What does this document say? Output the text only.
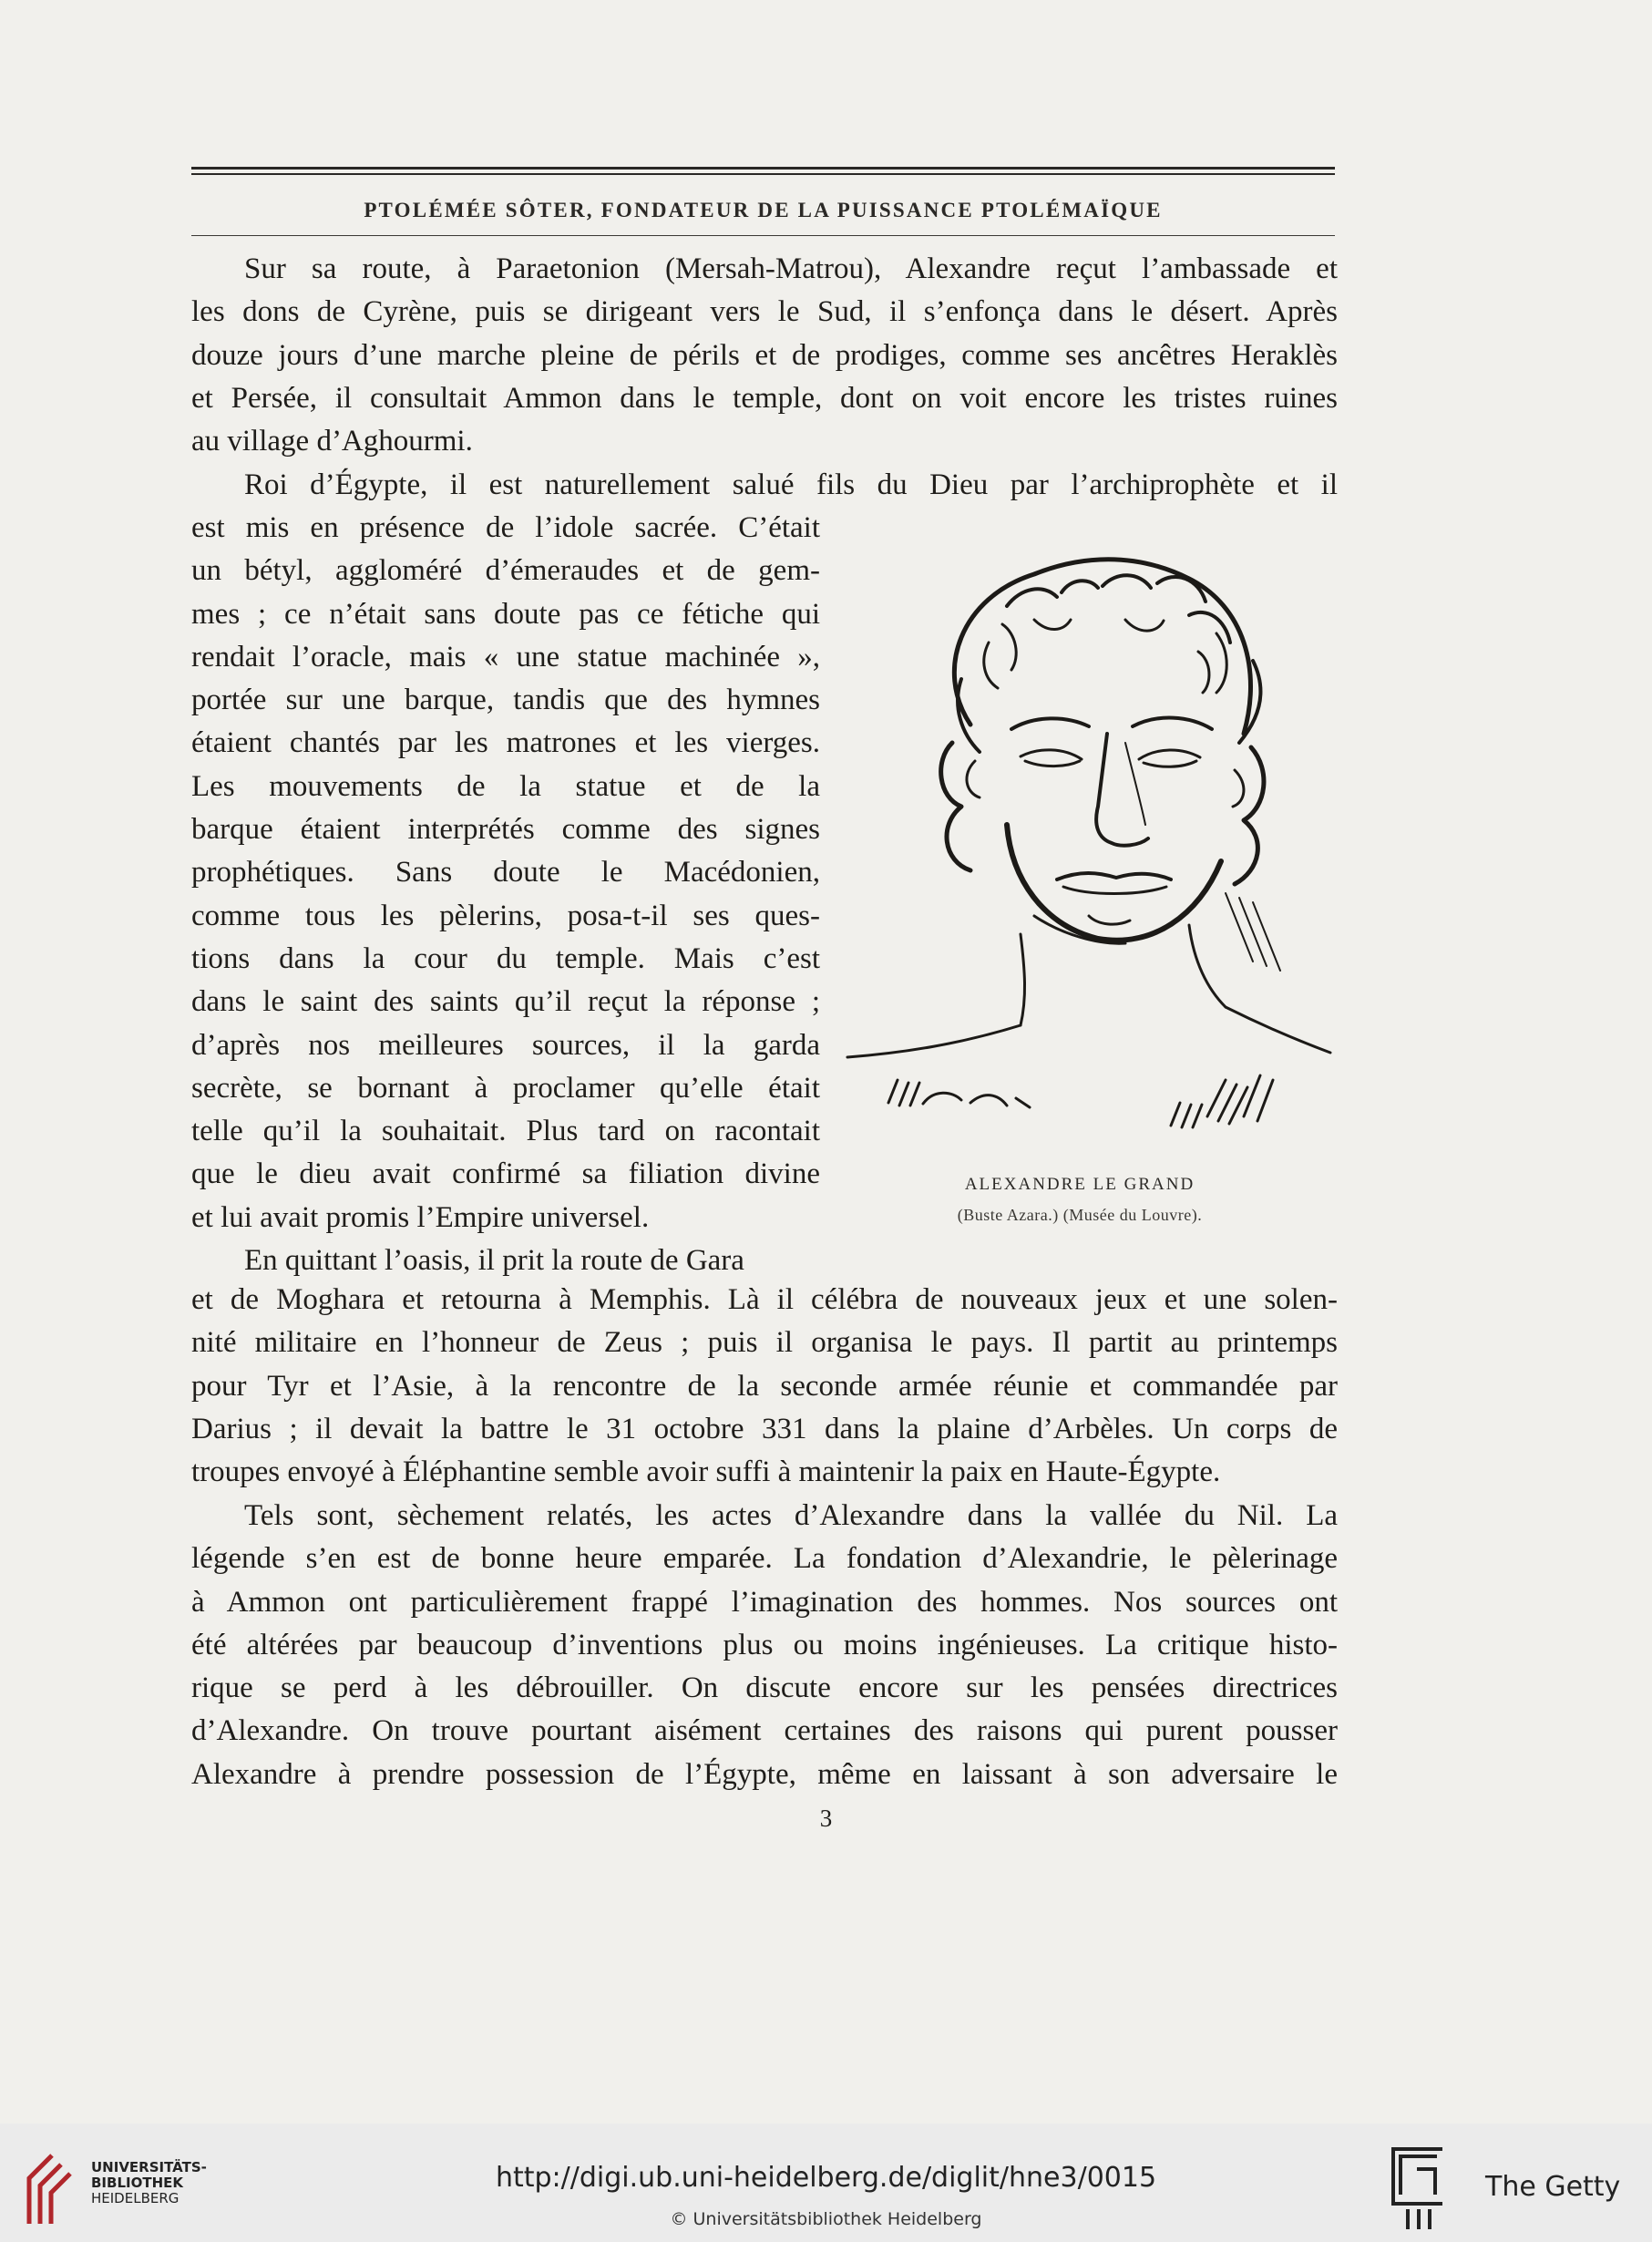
PTOLÉMÉE SÔTER, FONDATEUR DE LA PUISSANCE PTOLÉMAÏQUE
Sur sa route, à Paraetonion (Mersah-Matrou), Alexandre reçut l’ambassade et
les dons de Cyrène, puis se dirigeant vers le Sud, il s’enfonça dans le désert. Après
douze jours d’une marche pleine de périls et de prodiges, comme ses ancêtres Heraklès
et Persée, il consultait Ammon dans le temple, dont on voit encore les tristes ruines
au village d’Aghourmi.
Roi d’Égypte, il est naturellement salué fils du Dieu par l’archiprophète et il
est mis en présence de l’idole sacrée. C’était
un bétyl, aggloméré d’émeraudes et de gem-
mes ; ce n’était sans doute pas ce fétiche qui
rendait l’oracle, mais « une statue machinée »,
portée sur une barque, tandis que des hymnes
étaient chantés par les matrones et les vierges.
Les mouvements de la statue et de la
barque étaient interprétés comme des signes
prophétiques. Sans doute le Macédonien,
comme tous les pèlerins, posa-t-il ses ques-
tions dans la cour du temple. Mais c’est
dans le saint des saints qu’il reçut la réponse ;
d’après nos meilleures sources, il la garda
secrète, se bornant à proclamer qu’elle était
telle qu’il la souhaitait. Plus tard on racontait
que le dieu avait confirmé sa filiation divine
et lui avait promis l’Empire universel.
En quittant l’oasis, il prit la route de Gara
ALEXANDRE LE GRAND
(Buste Azara.) (Musée du Louvre).
et de Moghara et retourna à Memphis. Là il célébra de nouveaux jeux et une solen-
nité militaire en l’honneur de Zeus ; puis il organisa le pays. Il partit au printemps
pour Tyr et l’Asie, à la rencontre de la seconde armée réunie et commandée par
Darius ; il devait la battre le 31 octobre 331 dans la plaine d’Arbèles. Un corps de
troupes envoyé à Éléphantine semble avoir suffi à maintenir la paix en Haute-Égypte.
Tels sont, sèchement relatés, les actes d’Alexandre dans la vallée du Nil. La
légende s’en est de bonne heure emparée. La fondation d’Alexandrie, le pèlerinage
à Ammon ont particulièrement frappé l’imagination des hommes. Nos sources ont
été altérées par beaucoup d’inventions plus ou moins ingénieuses. La critique histo-
rique se perd à les débrouiller. On discute encore sur les pensées directrices
d’Alexandre. On trouve pourtant aisément certaines des raisons qui purent pousser
Alexandre à prendre possession de l’Égypte, même en laissant à son adversaire le
3
UNIVERSITÄTS-
BIBLIOTHEK
HEIDELBERG
http://digi.ub.uni-heidelberg.de/diglit/hne3/0015
© Universitätsbibliothek Heidelberg
The Getty
